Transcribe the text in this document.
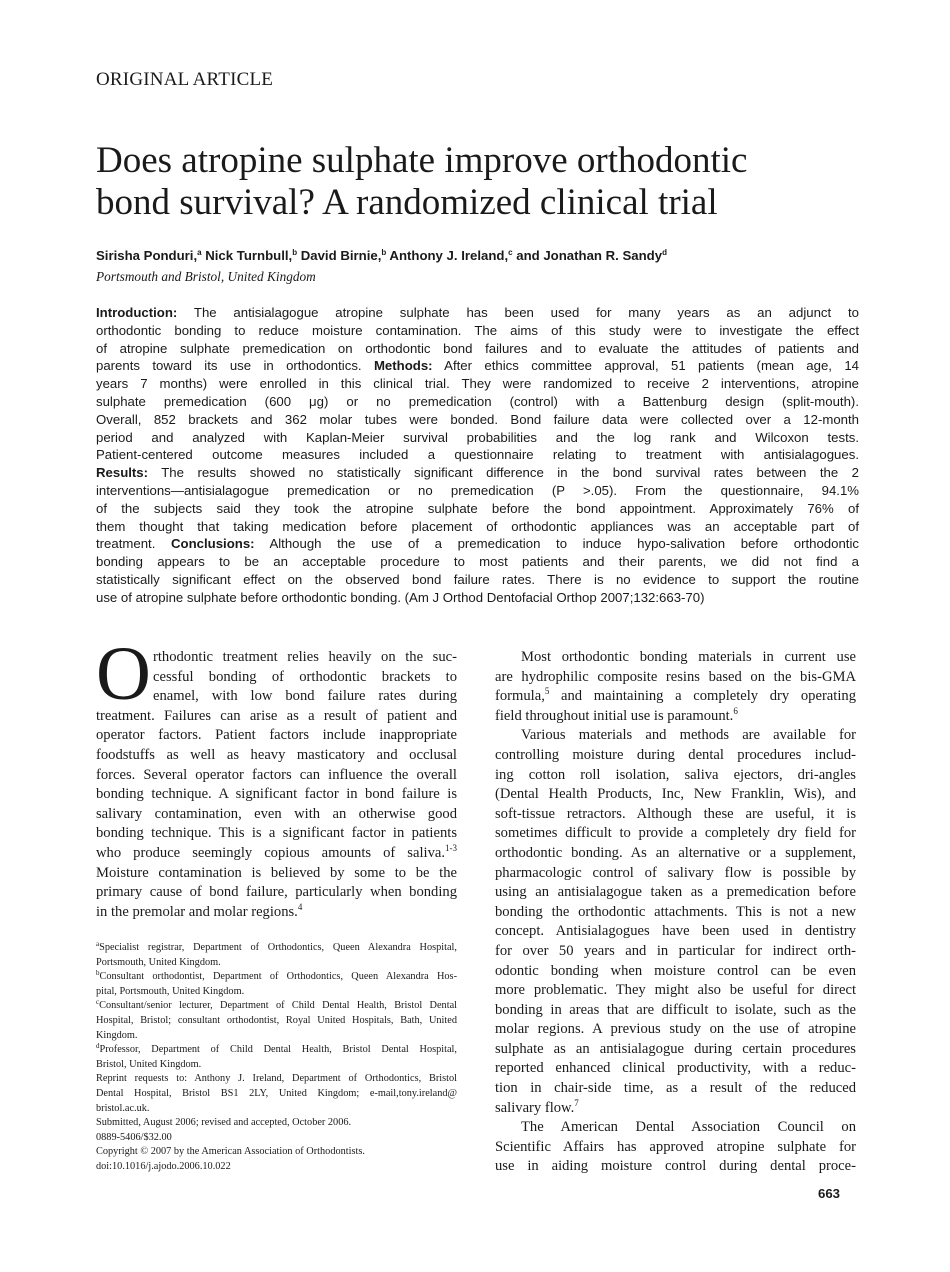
ORIGINAL ARTICLE
Does atropine sulphate improve orthodontic
bond survival? A randomized clinical trial
Sirisha Ponduri,$^a$ Nick Turnbull,$^b$ David Birnie,$^b$ Anthony J. Ireland,$^c$ and Jonathan R. Sandy$^d$
Portsmouth and Bristol, United Kingdom
Introduction: The antisialagogue atropine sulphate has been used for many years as an adjunct to
orthodontic bonding to reduce moisture contamination. The aims of this study were to investigate the effect
of atropine sulphate premedication on orthodontic bond failures and to evaluate the attitudes of patients and
parents toward its use in orthodontics. Methods: After ethics committee approval, 51 patients (mean age, 14
years 7 months) were enrolled in this clinical trial. They were randomized to receive 2 interventions, atropine
sulphate premedication (600 μg) or no premedication (control) with a Battenburg design (split-mouth).
Overall, 852 brackets and 362 molar tubes were bonded. Bond failure data were collected over a 12-month
period and analyzed with Kaplan-Meier survival probabilities and the log rank and Wilcoxon tests.
Patient-centered outcome measures included a questionnaire relating to treatment with antisialagogues.
Results: The results showed no statistically significant difference in the bond survival rates between the 2
interventions—antisialagogue premedication or no premedication (P >.05). From the questionnaire, 94.1%
of the subjects said they took the atropine sulphate before the bond appointment. Approximately 76% of
them thought that taking medication before placement of orthodontic appliances was an acceptable part of
treatment. Conclusions: Although the use of a premedication to induce hypo-salivation before orthodontic
bonding appears to be an acceptable procedure to most patients and their parents, we did not find a
statistically significant effect on the observed bond failure rates. There is no evidence to support the routine
use of atropine sulphate before orthodontic bonding. (Am J Orthod Dentofacial Orthop 2007;132:663-70)
O rthodontic treatment relies heavily on the suc-
cessful bonding of orthodontic brackets to
enamel, with low bond failure rates during
treatment. Failures can arise as a result of patient and
operator factors. Patient factors include inappropriate
foodstuffs as well as heavy masticatory and occlusal
forces. Several operator factors can influence the overall
bonding technique. A significant factor in bond failure is
salivary contamination, even with an otherwise good
bonding technique. This is a significant factor in patients
who produce seemingly copious amounts of saliva.$^{1-3}$
Moisture contamination is believed by some to be the
primary cause of bond failure, particularly when bonding
in the premolar and molar regions.$^4$
$^a$Specialist registrar, Department of Orthodontics, Queen Alexandra Hospital,
Portsmouth, United Kingdom.
$^b$Consultant orthodontist, Department of Orthodontics, Queen Alexandra Hos-
pital, Portsmouth, United Kingdom.
$^c$Consultant/senior lecturer, Department of Child Dental Health, Bristol Dental
Hospital, Bristol; consultant orthodontist, Royal United Hospitals, Bath, United
Kingdom.
$^d$Professor, Department of Child Dental Health, Bristol Dental Hospital,
Bristol, United Kingdom.
Reprint requests to: Anthony J. Ireland, Department of Orthodontics, Bristol
Dental Hospital, Bristol BS1 2LY, United Kingdom; e-mail,tony.ireland@
bristol.ac.uk.
Submitted, August 2006; revised and accepted, October 2006.
0889-5406/$32.00
Copyright © 2007 by the American Association of Orthodontists.
doi:10.1016/j.ajodo.2006.10.022
Most orthodontic bonding materials in current use
are hydrophilic composite resins based on the bis-GMA
formula,$^5$ and maintaining a completely dry operating
field throughout initial use is paramount.$^6$
Various materials and methods are available for
controlling moisture during dental procedures includ-
ing cotton roll isolation, saliva ejectors, dri-angles
(Dental Health Products, Inc, New Franklin, Wis), and
soft-tissue retractors. Although these are useful, it is
sometimes difficult to provide a completely dry field for
orthodontic bonding. As an alternative or a supplement,
pharmacologic control of salivary flow is possible by
using an antisialagogue taken as a premedication before
bonding the orthodontic attachments. This is not a new
concept. Antisialagogues have been used in dentistry
for over 50 years and in particular for indirect orth-
odontic bonding when moisture control can be even
more problematic. They might also be useful for direct
bonding in areas that are difficult to isolate, such as the
molar regions. A previous study on the use of atropine
sulphate as an antisialagogue during certain procedures
reported enhanced clinical productivity, with a reduc-
tion in chair-side time, as a result of the reduced
salivary flow.$^7$
The American Dental Association Council on
Scientific Affairs has approved atropine sulphate for
use in aiding moisture control during dental proce-
663
